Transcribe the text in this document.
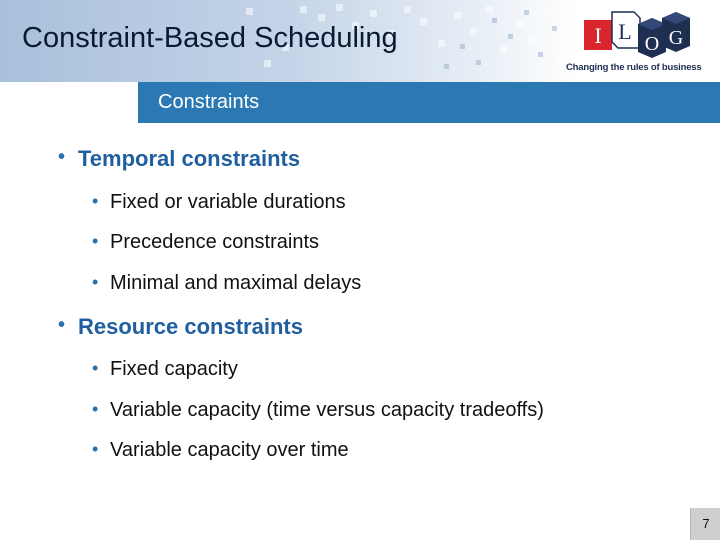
Constraint-Based Scheduling	I L O G
Changing the rules of business
Constraints
• Temporal constraints
• Fixed or variable durations
• Precedence constraints
• Minimal and maximal delays
• Resource constraints
• Fixed capacity
• Variable capacity (time versus capacity tradeoffs)
• Variable capacity over time
7
